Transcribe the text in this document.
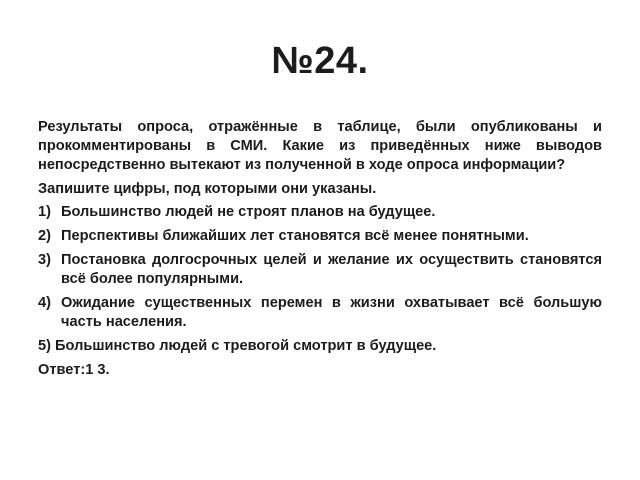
№24.

Результаты опроса, отражённые в таблице, были опубликованы и прокомментированы в СМИ. Какие из приведённых ниже выводов непосредственно вытекают из полученной в ходе опроса информации?

Запишите цифры, под которыми они указаны.

1) Большинство людей не строят планов на будущее.
2) Перспективы ближайших лет становятся всё менее понятными.
3) Постановка долгосрочных целей и желание их осуществить становятся всё более популярными.
4) Ожидание существенных перемен в жизни охватывает всё большую часть населения.

5) Большинство людей с тревогой смотрит в будущее.

Ответ:1 3.
